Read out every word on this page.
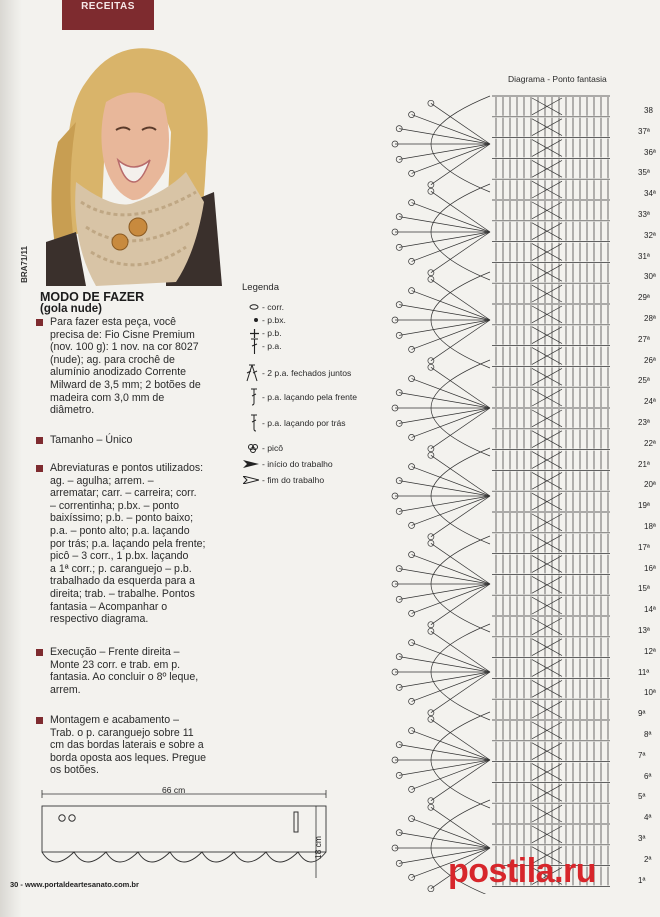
RECEITAS
BRA71/11
MODO DE FAZER
(gola nude)
Para fazer esta peça, você
precisa de: Fio Cisne Premium
(nov. 100 g): 1 nov. na cor 8027
(nude); ag. para crochê de
alumínio anodizado Corrente
Milward de 3,5 mm; 2 botões de
madeira com 3,0 mm de
diâmetro.
Tamanho – Único
Abreviaturas e pontos utilizados:
ag. – agulha; arrem. –
arrematar; carr. – carreira; corr.
– correntinha; p.bx. – ponto
baixíssimo; p.b. – ponto baixo;
p.a. – ponto alto; p.a. laçando
por trás; p.a. laçando pela frente;
picô – 3 corr., 1 p.bx. laçando
a 1ª corr.; p. caranguejo – p.b.
trabalhado da esquerda para a
direita; trab. – trabalhe. Pontos
fantasia – Acompanhar o
respectivo diagrama.
Execução – Frente direita –
Monte 23 corr. e trab. em p.
fantasia. Ao concluir o 8º leque,
arrem.
Montagem e acabamento –
Trab. o p. caranguejo sobre 11
cm das bordas laterais e sobre a
borda oposta aos leques. Pregue
os botões.
Legenda
- corr.
- p.bx.
- p.b.
- p.a.
- 2 p.a. fechados juntos
- p.a. laçando pela frente
- p.a. laçando por trás
- picô
- início do trabalho
- fim do trabalho
Diagrama - Ponto fantasia
38
37ª
36ª
35ª
34ª
33ª
32ª
31ª
30ª
29ª
28ª
27ª
26ª
25ª
24ª
23ª
22ª
21ª
20ª
19ª
18ª
17ª
16ª
15ª
14ª
13ª
12ª
11ª
10ª
9ª
8ª
7ª
6ª
5ª
4ª
3ª
2ª
1ª
66 cm
18 cm
30 - www.portaldeartesanato.com.br	postila.ru
